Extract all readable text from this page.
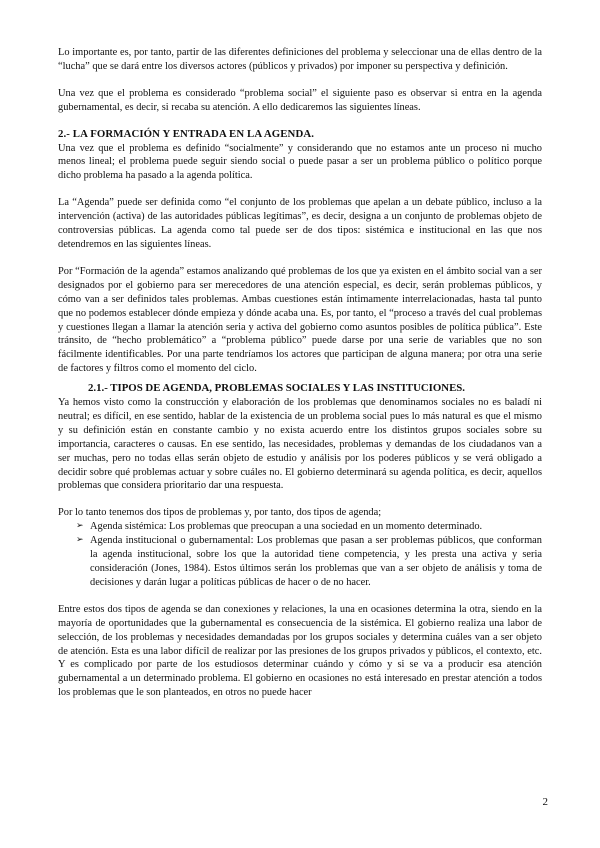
Lo importante es, por tanto, partir de las diferentes definiciones del problema y seleccionar una de ellas dentro de la “lucha” que se dará entre los diversos actores (públicos y privados) por imponer su perspectiva y definición.

Una vez que el problema es considerado “problema social” el siguiente paso es observar si entra en la agenda gubernamental, es decir, si recaba su atención. A ello dedicaremos las siguientes líneas.

2.- LA FORMACIÓN Y ENTRADA EN LA AGENDA.

Una vez que el problema es definido “socialmente” y considerando que no estamos ante un proceso ni mucho menos lineal; el problema puede seguir siendo social o puede pasar a ser un problema público o político porque dicho problema ha pasado a la agenda política.

La “Agenda” puede ser definida como “el conjunto de los problemas que apelan a un debate público, incluso a la intervención (activa) de las autoridades públicas legítimas”, es decir, designa a un conjunto de problemas objeto de controversias públicas. La agenda como tal puede ser de dos tipos: sistémica e institucional en las que nos detendremos en las siguientes líneas.

Por “Formación de la agenda” estamos analizando qué problemas de los que ya existen en el ámbito social van a ser designados por el gobierno para ser merecedores de una atención especial, es decir, serán problemas públicos, y cómo van a ser definidos tales problemas. Ambas cuestiones están íntimamente interrelacionadas, hasta tal punto que no podemos establecer dónde empieza y dónde acaba una. Es, por tanto, el “proceso a través del cual problemas y cuestiones llegan a llamar la atención seria y activa del gobierno como asuntos posibles de política pública”. Este tránsito, de “hecho problemático” a “problema público” puede darse por una serie de variables que no son fácilmente identificables. Por una parte tendríamos los actores que participan de alguna manera; por otra una serie de factores y filtros como el momento del ciclo.

2.1.- TIPOS DE AGENDA, PROBLEMAS SOCIALES Y LAS INSTITUCIONES.

Ya hemos visto como la construcción y elaboración de los problemas que denominamos sociales no es baladí ni neutral; es difícil, en ese sentido, hablar de la existencia de un problema social pues lo más natural es que el mismo y su definición están en constante cambio y no exista acuerdo entre los distintos grupos sociales sobre su importancia, caracteres o causas. En ese sentido, las necesidades, problemas y demandas de los ciudadanos van a ser muchas, pero no todas ellas serán objeto de estudio y análisis por los poderes públicos y se verá obligado a decidir sobre qué problemas actuar y sobre cuáles no. El gobierno determinará su agenda política, es decir, aquellos problemas que considera prioritario dar una respuesta.

Por lo tanto tenemos dos tipos de problemas y, por tanto, dos tipos de agenda;

➢ Agenda sistémica: Los problemas que preocupan a una sociedad en un momento determinado.
➢ Agenda institucional o gubernamental: Los problemas que pasan a ser problemas públicos, que conforman la agenda institucional, sobre los que la autoridad tiene competencia, y les presta una activa y seria consideración (Jones, 1984). Estos últimos serán los problemas que van a ser objeto de análisis y toma de decisiones y darán lugar a políticas públicas de hacer o de no hacer.

Entre estos dos tipos de agenda se dan conexiones y relaciones, la una en ocasiones determina la otra, siendo en la mayoría de oportunidades que la gubernamental es consecuencia de la sistémica. El gobierno realiza una labor de selección, de los problemas y necesidades demandadas por los grupos sociales y determina cuáles van a ser objeto de atención. Esta es una labor difícil de realizar por las presiones de los grupos privados y públicos, el contexto, etc. Y es complicado por parte de los estudiosos determinar cuándo y cómo y si se va a producir esa atención gubernamental a un determinado problema. El gobierno en ocasiones no está interesado en prestar atención a todos los problemas que le son planteados, en otros no puede hacer

2
